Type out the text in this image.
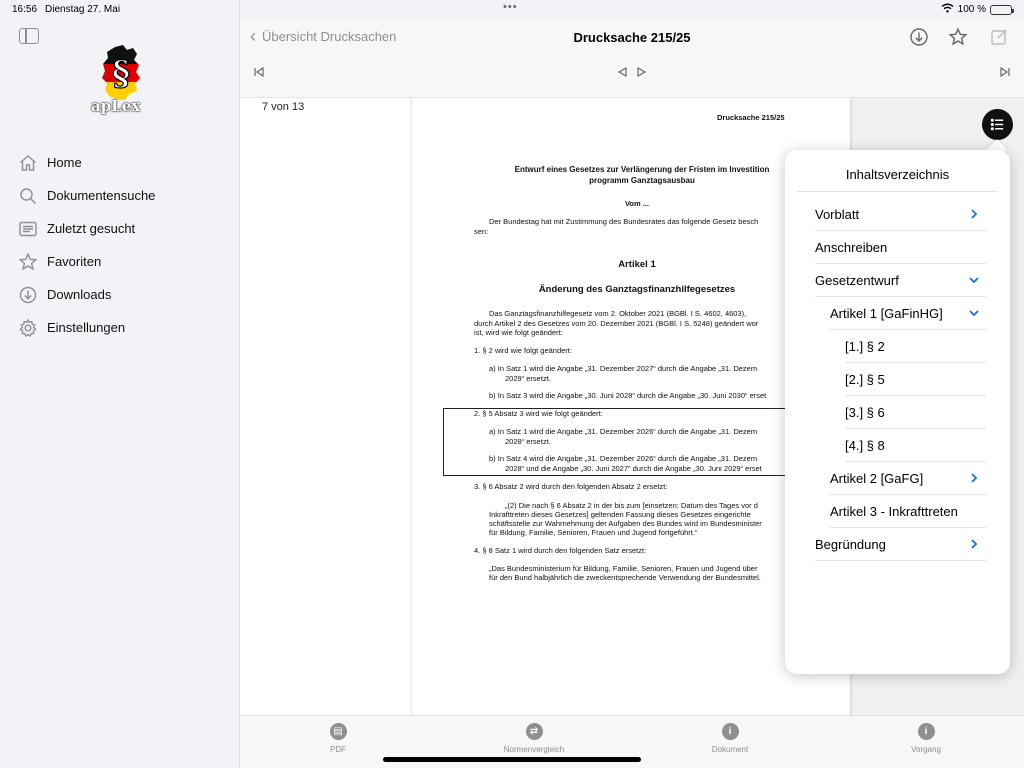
16:56 Dienstag 27. Mai	•••	100 %
§
apLex
Home
Dokumentensuche
Zuletzt gesucht
Favoriten
Downloads
Einstellungen
‹ Übersicht Drucksachen	Drucksache 215/25
7 von 13
Drucksache 215/25
Entwurf eines Gesetzes zur Verlängerung der Fristen im Investition
programm Ganztagsausbau
Vom ...
Der Bundestag hat mit Zustimmung des Bundesrates das folgende Gesetz besch
sen:
Artikel 1
Änderung des Ganztagsfinanzhilfegesetzes
Das Ganztagsfinanzhilfegesetz vom 2. Oktober 2021 (BGBl. I S. 4602, 4603),
durch Artikel 2 des Gesetzes vom 20. Dezember 2021 (BGBl. I S. 5248) geändert wor
ist, wird wie folgt geändert:
1. § 2 wird wie folgt geändert:
a) In Satz 1 wird die Angabe „31. Dezember 2027“ durch die Angabe „31. Dezem
2029“ ersetzt.
b) In Satz 3 wird die Angabe „30. Juni 2028“ durch die Angabe „30. Juni 2030“ erset
2. § 5 Absatz 3 wird wie folgt geändert:
a) In Satz 1 wird die Angabe „31. Dezember 2026“ durch die Angabe „31. Dezem
2028“ ersetzt.
b) In Satz 4 wird die Angabe „31. Dezember 2026“ durch die Angabe „31. Dezem
2028“ und die Angabe „30. Juni 2027“ durch die Angabe „30. Juni 2029“ erset
3. § 6 Absatz 2 wird durch den folgenden Absatz 2 ersetzt:
„(2) Die nach § 6 Absatz 2 in der bis zum [einsetzen: Datum des Tages vor d
Inkrafttreten dieses Gesetzes] geltenden Fassung dieses Gesetzes eingerichte
schäftsstelle zur Wahrnehmung der Aufgaben des Bundes wird im Bundesminister
für Bildung, Familie, Senioren, Frauen und Jugend fortgeführt.“
4. § 8 Satz 1 wird durch den folgenden Satz ersetzt:
„Das Bundesministerium für Bildung, Familie, Senioren, Frauen und Jugend über
für den Bund halbjährlich die zweckentsprechende Verwendung der Bundesmittel.
Inhaltsverzeichnis
Vorblatt
Anschreiben
Gesetzentwurf
Artikel 1 [GaFinHG]
[1.] § 2
[2.] § 5
[3.] § 6
[4.] § 8
Artikel 2 [GaFG]
Artikel 3 - Inkrafttreten
Begründung
▤
PDF
⇄
Normenvergleich
i
Dokument
i
Vorgang
